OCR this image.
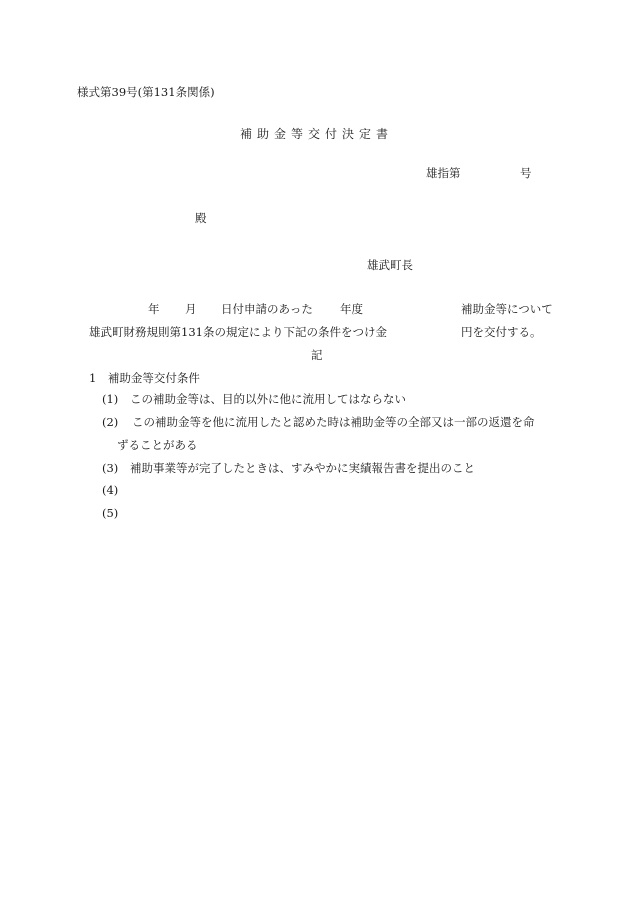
様式第39号(第131条関係)
補助金等交付決定書
雄指第	号
殿
雄武町長
年 月 日付申請のあった 年度	補助金等について
雄武町財務規則第131条の規定により下記の条件をつけ金	円を交付する。
記
1　補助金等交付条件
(1) この補助金等は、目的以外に他に流用してはならない
(2) この補助金等を他に流用したと認めた時は補助金等の全部又は一部の返還を命
ずることがある
(3) 補助事業等が完了したときは、すみやかに実績報告書を提出のこと
(4)
(5)
